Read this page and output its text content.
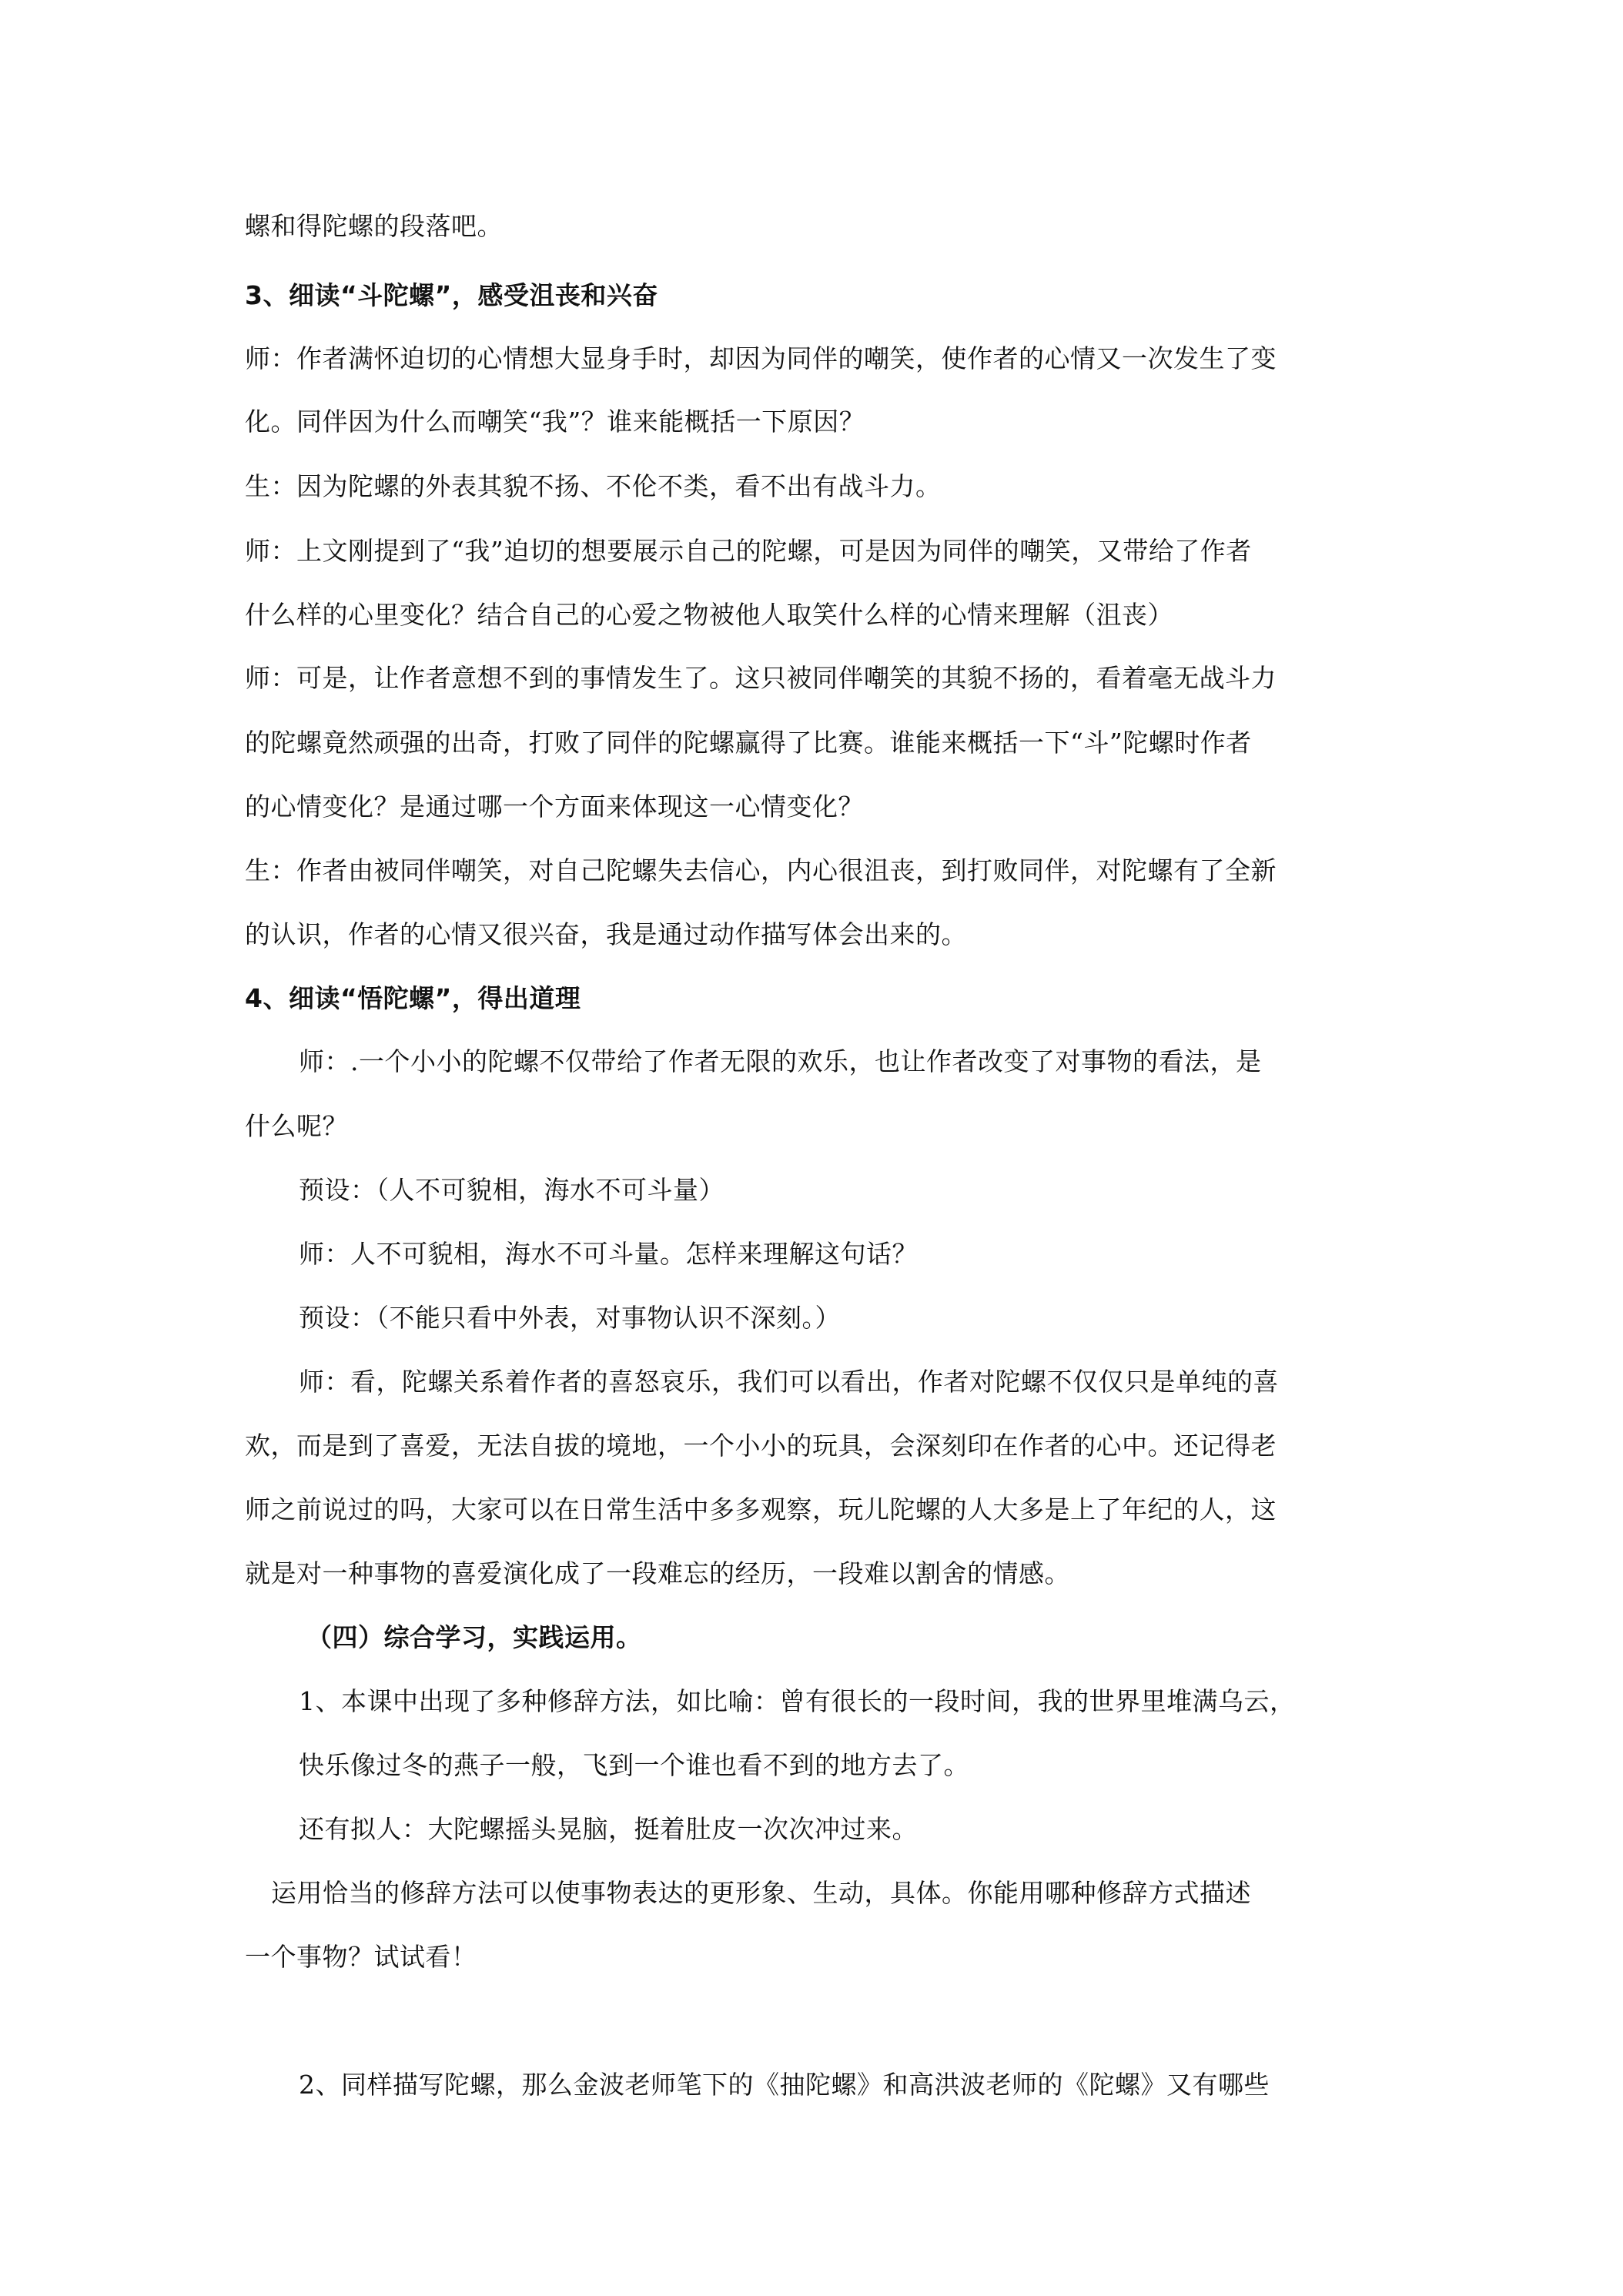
螺和得陀螺的段落吧。
3、细读“斗陀螺”，感受沮丧和兴奋
师：作者满怀迫切的心情想大显身手时，却因为同伴的嘲笑，使作者的心情又一次发生了变
化。同伴因为什么而嘲笑“我”？谁来能概括一下原因？
生：因为陀螺的外表其貌不扬、不伦不类，看不出有战斗力。
师：上文刚提到了“我”迫切的想要展示自己的陀螺，可是因为同伴的嘲笑，又带给了作者
什么样的心里变化？结合自己的心爱之物被他人取笑什么样的心情来理解（沮丧）
师：可是，让作者意想不到的事情发生了。这只被同伴嘲笑的其貌不扬的，看着毫无战斗力
的陀螺竟然顽强的出奇，打败了同伴的陀螺赢得了比赛。谁能来概括一下“斗”陀螺时作者
的心情变化？是通过哪一个方面来体现这一心情变化？
生：作者由被同伴嘲笑，对自己陀螺失去信心，内心很沮丧，到打败同伴，对陀螺有了全新
的认识，作者的心情又很兴奋，我是通过动作描写体会出来的。
4、细读“悟陀螺”，得出道理
师：.一个小小的陀螺不仅带给了作者无限的欢乐，也让作者改变了对事物的看法，是
什么呢？
预设：（人不可貌相，海水不可斗量）
师：人不可貌相，海水不可斗量。怎样来理解这句话？
预设：（不能只看中外表，对事物认识不深刻。）
师：看，陀螺关系着作者的喜怒哀乐，我们可以看出，作者对陀螺不仅仅只是单纯的喜
欢，而是到了喜爱，无法自拔的境地，一个小小的玩具，会深刻印在作者的心中。还记得老
师之前说过的吗，大家可以在日常生活中多多观察，玩儿陀螺的人大多是上了年纪的人，这
就是对一种事物的喜爱演化成了一段难忘的经历，一段难以割舍的情感。
（四）综合学习，实践运用。
1、本课中出现了多种修辞方法，如比喻：曾有很长的一段时间，我的世界里堆满乌云，
快乐像过冬的燕子一般，飞到一个谁也看不到的地方去了。
还有拟人：大陀螺摇头晃脑，挺着肚皮一次次冲过来。
运用恰当的修辞方法可以使事物表达的更形象、生动，具体。你能用哪种修辞方式描述
一个事物？试试看！
2、同样描写陀螺，那么金波老师笔下的《抽陀螺》和高洪波老师的《陀螺》又有哪些
